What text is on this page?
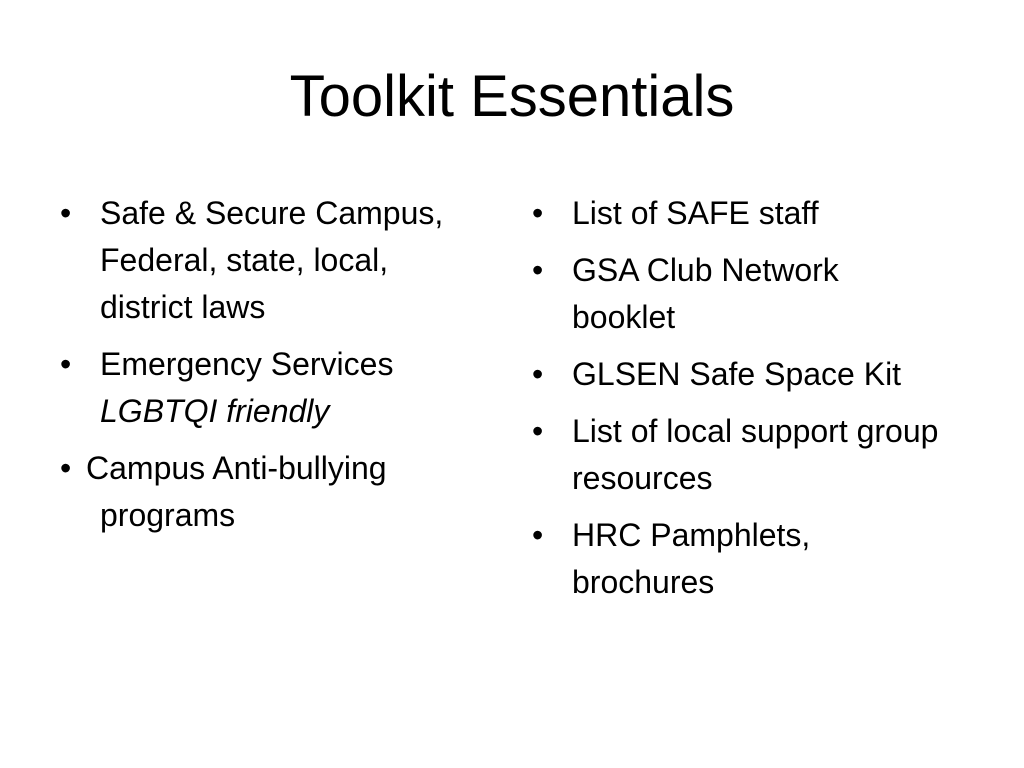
Toolkit Essentials
• Safe & Secure Campus, Federal, state, local, district laws
• Emergency Services
LGBTQI friendly
• Campus Anti-bullying
programs
• List of SAFE staff
• GSA Club Network booklet
• GLSEN Safe Space Kit
• List of local support group resources
• HRC Pamphlets, brochures
